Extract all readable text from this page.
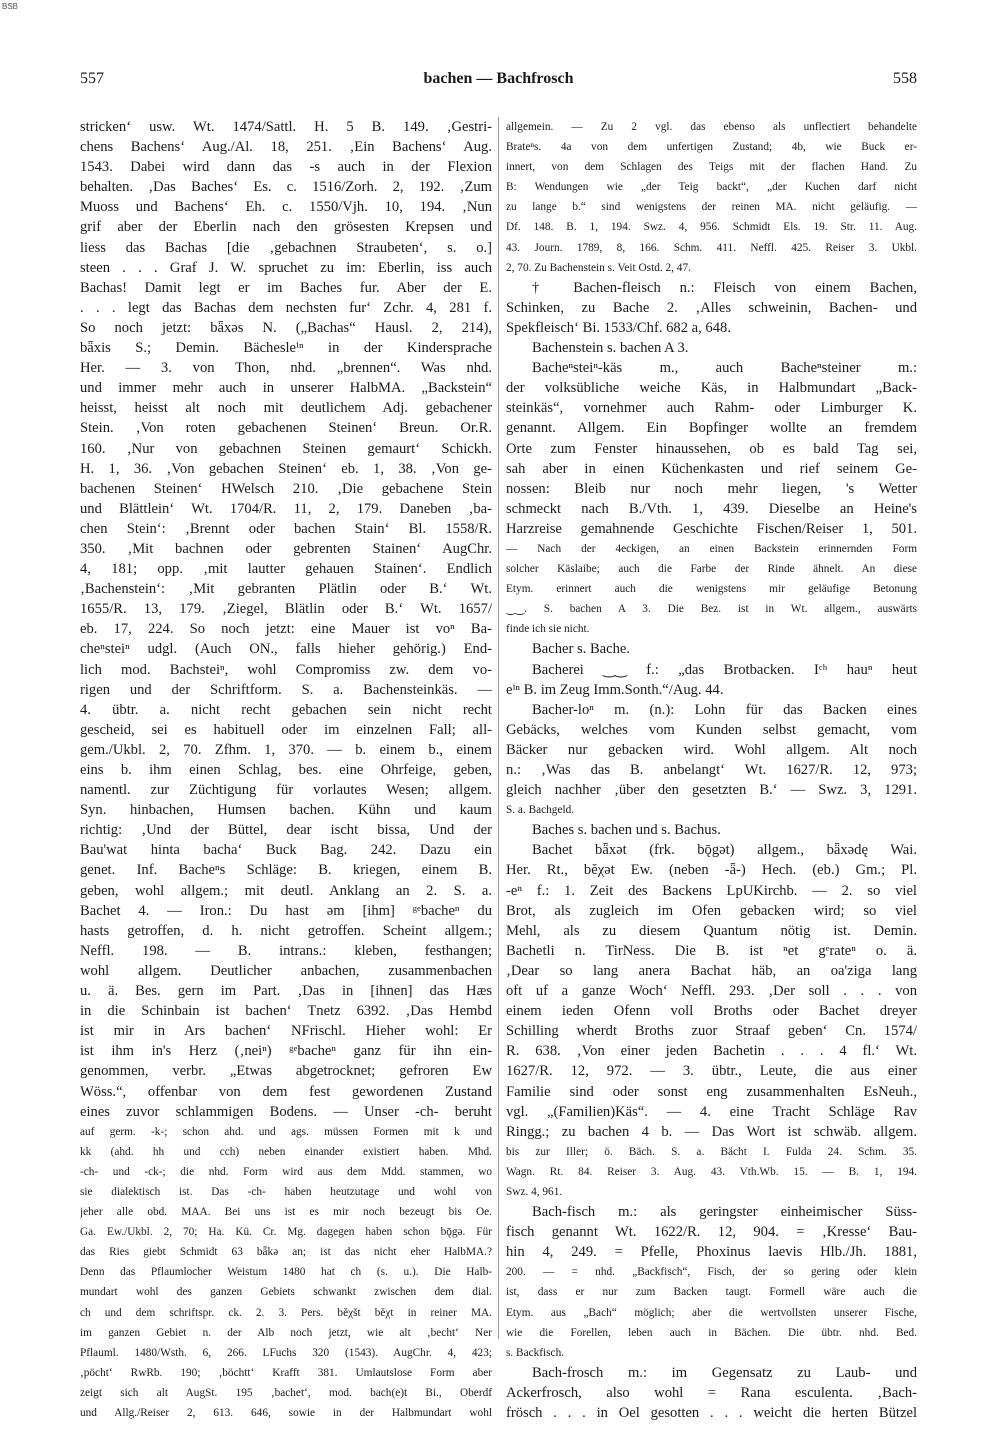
BSB
557	bachen — Bachfrosch	558
stricken‘ usw. Wt. 1474/Sattl. H. 5 B. 149. ‚Gestri-
chens Bachens‘ Aug./Al. 18, 251. ‚Ein Bachens‘ Aug.
1543. Dabei wird dann das -s auch in der Flexion
behalten. ‚Das Baches‘ Es. c. 1516/Zorh. 2, 192. ‚Zum
Muoss und Bachens‘ Eh. c. 1550/Vjh. 10, 194. ‚Nun
grif aber der Eberlin nach den grösesten Krepsen und
liess das Bachas [die ‚gebachnen Straubeten‘, s. o.]
steen . . . Graf J. W. spruchet zu im: Eberlin, iss auch
Bachas! Damit legt er im Baches fur. Aber der E.
. . . legt das Bachas dem nechsten fur‘ Zchr. 4, 281 f.
So noch jetzt: bǟxəs N. („Bachas“ Hausl. 2, 214),
bǟxis S.; Demin. Bächesleⁱⁿ in der Kindersprache
Her. — 3. von Thon, nhd. „brennen“. Was nhd.
und immer mehr auch in unserer HalbMA. „Backstein“
heisst, heisst alt noch mit deutlichem Adj. gebachener
Stein. ‚Von roten gebachenen Steinen‘ Breun. Or.R.
160. ‚Nur von gebachnen Steinen gemaurt‘ Schickh.
H. 1, 36. ‚Von gebachen Steinen‘ eb. 1, 38. ‚Von ge-
bachenen Steinen‘ HWelsch 210. ‚Die gebachene Stein
und Blättlein‘ Wt. 1704/R. 11, 2, 179. Daneben ‚ba-
chen Stein‘: ‚Brennt oder bachen Stain‘ Bl. 1558/R.
350. ‚Mit bachnen oder gebrenten Stainen‘ AugChr.
4, 181; opp. ‚mit lautter gehauen Stainen‘. Endlich
‚Bachenstein‘: ‚Mit gebranten Plätlin oder B.‘ Wt.
1655/R. 13, 179. ‚Ziegel, Blätlin oder B.‘ Wt. 1657/
eb. 17, 224. So noch jetzt: eine Mauer ist voⁿ Ba-
cheⁿsteiⁿ udgl. (Auch ON., falls hieher gehörig.) End-
lich mod. Bachsteiⁿ, wohl Compromiss zw. dem vo-
rigen und der Schriftform. S. a. Bachensteinkäs. —
4. übtr. a. nicht recht gebachen sein nicht recht
gescheid, sei es habituell oder im einzelnen Fall; all-
gem./Ukbl. 2, 70. Zfhm. 1, 370. — b. einem b., einem
eins b. ihm einen Schlag, bes. eine Ohrfeige, geben,
namentl. zur Züchtigung für vorlautes Wesen; allgem.
Syn. hinbachen, Humsen bachen. Kühn und kaum
richtig: ‚Und der Büttel, dear ischt bissa, Und der
Bau'wat hinta bacha‘ Buck Bag. 242. Dazu ein
genet. Inf. Bacheⁿs Schläge: B. kriegen, einem B.
geben, wohl allgem.; mit deutl. Anklang an 2. S. a.
Bachet 4. — Iron.: Du hast əm [ihm] ᵍᵉbacheⁿ du
hasts getroffen, d. h. nicht getroffen. Scheint allgem.;
Neffl. 198. — B. intrans.: kleben, festhangen;
wohl allgem. Deutlicher anbachen, zusammenbachen
u. ä. Bes. gern im Part. ‚Das in [ihnen] das Hæs
in die Schinbain ist bachen‘ Tnetz 6392. ‚Das Hembd
ist mir in Ars bachen‘ NFrischl. Hieher wohl: Er
ist ihm in's Herz (‚neiⁿ) ᵍᵉbacheⁿ ganz für ihn ein-
genommen, verbr. „Etwas abgetrocknet; gefroren Ew
Wöss.“, offenbar von dem fest gewordenen Zustand
eines zuvor schlammigen Bodens. — Unser -ch- beruht
auf germ. -k-; schon ahd. und ags. müssen Formen mit k und
kk (ahd. hh und cch) neben einander existiert haben. Mhd.
-ch- und -ck-; die nhd. Form wird aus dem Mdd. stammen, wo
sie dialektisch ist. Das -ch- haben heutzutage und wohl von
jeher alle obd. MAA. Bei uns ist es mir noch bezeugt bis Oe.
Ga. Ew./Ukbl. 2, 70; Ha. Kü. Cr. Mg. dagegen haben schon bǭgə. Für
das Ries giebt Schmidt 63 bǟkə an; ist das nicht eher HalbMA.?
Denn das Pflaumlocher Weistum 1480 hat ch (s. u.). Die Halb-
mundart wohl des ganzen Gebiets schwankt zwischen dem dial.
ch und dem schriftspr. ck. 2. 3. Pers. bĕχšt bĕχt in reiner MA.
im ganzen Gebiet n. der Alb noch jetzt, wie alt ‚becht‘ Ner
Pflauml. 1480/Wsth. 6, 266. LFuchs 320 (1543). AugChr. 4, 423;
‚pöcht‘ RwRb. 190; ‚böchtt‘ Krafft 381. Umlautslose Form aber
zeigt sich alt AugSt. 195 ‚bachet‘, mod. bach(e)t Bi., Oberdf
und Allg./Reiser 2, 613. 646, sowie in der Halbmundart wohl
allgemein. — Zu 2 vgl. das ebenso als unflectiert behandelte
Brateⁿs. 4a von dem unfertigen Zustand; 4b, wie Buck er-
innert, von dem Schlagen des Teigs mit der flachen Hand. Zu
B: Wendungen wie „der Teig backt“, „der Kuchen darf nicht
zu lange b.“ sind wenigstens der reinen MA. nicht geläufig. —
Df. 148. B. 1, 194. Swz. 4, 956. Schmidt Els. 19. Str. 11. Aug.
43. Journ. 1789, 8, 166. Schm. 411. Neffl. 425. Reiser 3. Ukbl.
2, 70. Zu Bachenstein s. Veit Ostd. 2, 47.
† Bachen-fleisch n.: Fleisch von einem Bachen,
Schinken, zu Bache 2. ‚Alles schweinin, Bachen- und
Spekfleisch‘ Bi. 1533/Chf. 682 a, 648.
Bachenstein s. bachen A 3.
Bacheⁿsteiⁿ-käs m., auch Bacheⁿsteiner m.:
der volksübliche weiche Käs, in Halbmundart „Back-
steinkäs“, vornehmer auch Rahm- oder Limburger K.
genannt. Allgem. Ein Bopfinger wollte an fremdem
Orte zum Fenster hinaussehen, ob es bald Tag sei,
sah aber in einen Küchenkasten und rief seinem Ge-
nossen: Bleib nur noch mehr liegen, 's Wetter
schmeckt nach B./Vth. 1, 439. Dieselbe an Heine's
Harzreise gemahnende Geschichte Fischen/Reiser 1, 501.
— Nach der 4eckigen, an einen Backstein erinnernden Form
solcher Käslaibe; auch die Farbe der Rinde ähnelt. An diese
Etym. erinnert auch die wenigstens mir geläufige Betonung
‿‿. S. bachen A 3. Die Bez. ist in Wt. allgem., auswärts
finde ich sie nicht.
Bacher s. Bache.
Bacherei ‿‿ f.: „das Brotbacken. Iᶜʰ hauⁿ heut
eⁱⁿ B. im Zeug Imm.Sonth.“/Aug. 44.
Bacher-loⁿ m. (n.): Lohn für das Backen eines
Gebäcks, welches vom Kunden selbst gemacht, vom
Bäcker nur gebacken wird. Wohl allgem. Alt noch
n.: ‚Was das B. anbelangt‘ Wt. 1627/R. 12, 973;
gleich nachher ‚über den gesetzten B.‘ — Swz. 3, 1291.
S. a. Bachgeld.
Baches s. bachen und s. Bachus.
Bachet bǟxət (frk. bǭgət) allgem., bǟxədę Wai.
Her. Rt., bĕχət Ew. (neben -ǟ-) Hech. (eb.) Gm.; Pl.
-eⁿ f.: 1. Zeit des Backens LpUKirchb. — 2. so viel
Brot, als zugleich im Ofen gebacken wird; so viel
Mehl, als zu diesem Quantum nötig ist. Demin.
Bachetli n. TirNess. Die B. ist ⁿet gᵉrateⁿ o. ä.
‚Dear so lang anera Bachat häb, an oa'ziga lang
oft uf a ganze Woch‘ Neffl. 293. ‚Der soll . . . von
einem ieden Ofenn voll Broths oder Bachet dreyer
Schilling wherdt Broths zuor Straaf geben‘ Cn. 1574/
R. 638. ‚Von einer jeden Bachetin . . . 4 fl.‘ Wt.
1627/R. 12, 972. — 3. übtr., Leute, die aus einer
Familie sind oder sonst eng zusammenhalten EsNeuh.,
vgl. „(Familien)Käs“. — 4. eine Tracht Schläge Rav
Ringg.; zu bachen 4 b. — Das Wort ist schwäb. allgem.
bis zur Iller; ö. Bäch. S. a. Bächt I. Fulda 24. Schm. 35.
Wagn. Rt. 84. Reiser 3. Aug. 43. Vth.Wb. 15. — B. 1, 194.
Swz. 4, 961.
Bach-fisch m.: als geringster einheimischer Süss-
fisch genannt Wt. 1622/R. 12, 904. = ‚Kresse‘ Bau-
hin 4, 249. = Pfelle, Phoxinus laevis Hlb./Jh. 1881,
200. — = nhd. „Backfisch“, Fisch, der so gering oder klein
ist, dass er nur zum Backen taugt. Formell wäre auch die
Etym. aus „Bach“ möglich; aber die wertvollsten unserer Fische,
wie die Forellen, leben auch in Bächen. Die übtr. nhd. Bed.
s. Backfisch.
Bach-frosch m.: im Gegensatz zu Laub- und
Ackerfrosch, also wohl = Rana esculenta. ‚Bach-
frösch . . . in Oel gesotten . . . weicht die herten Bützel
